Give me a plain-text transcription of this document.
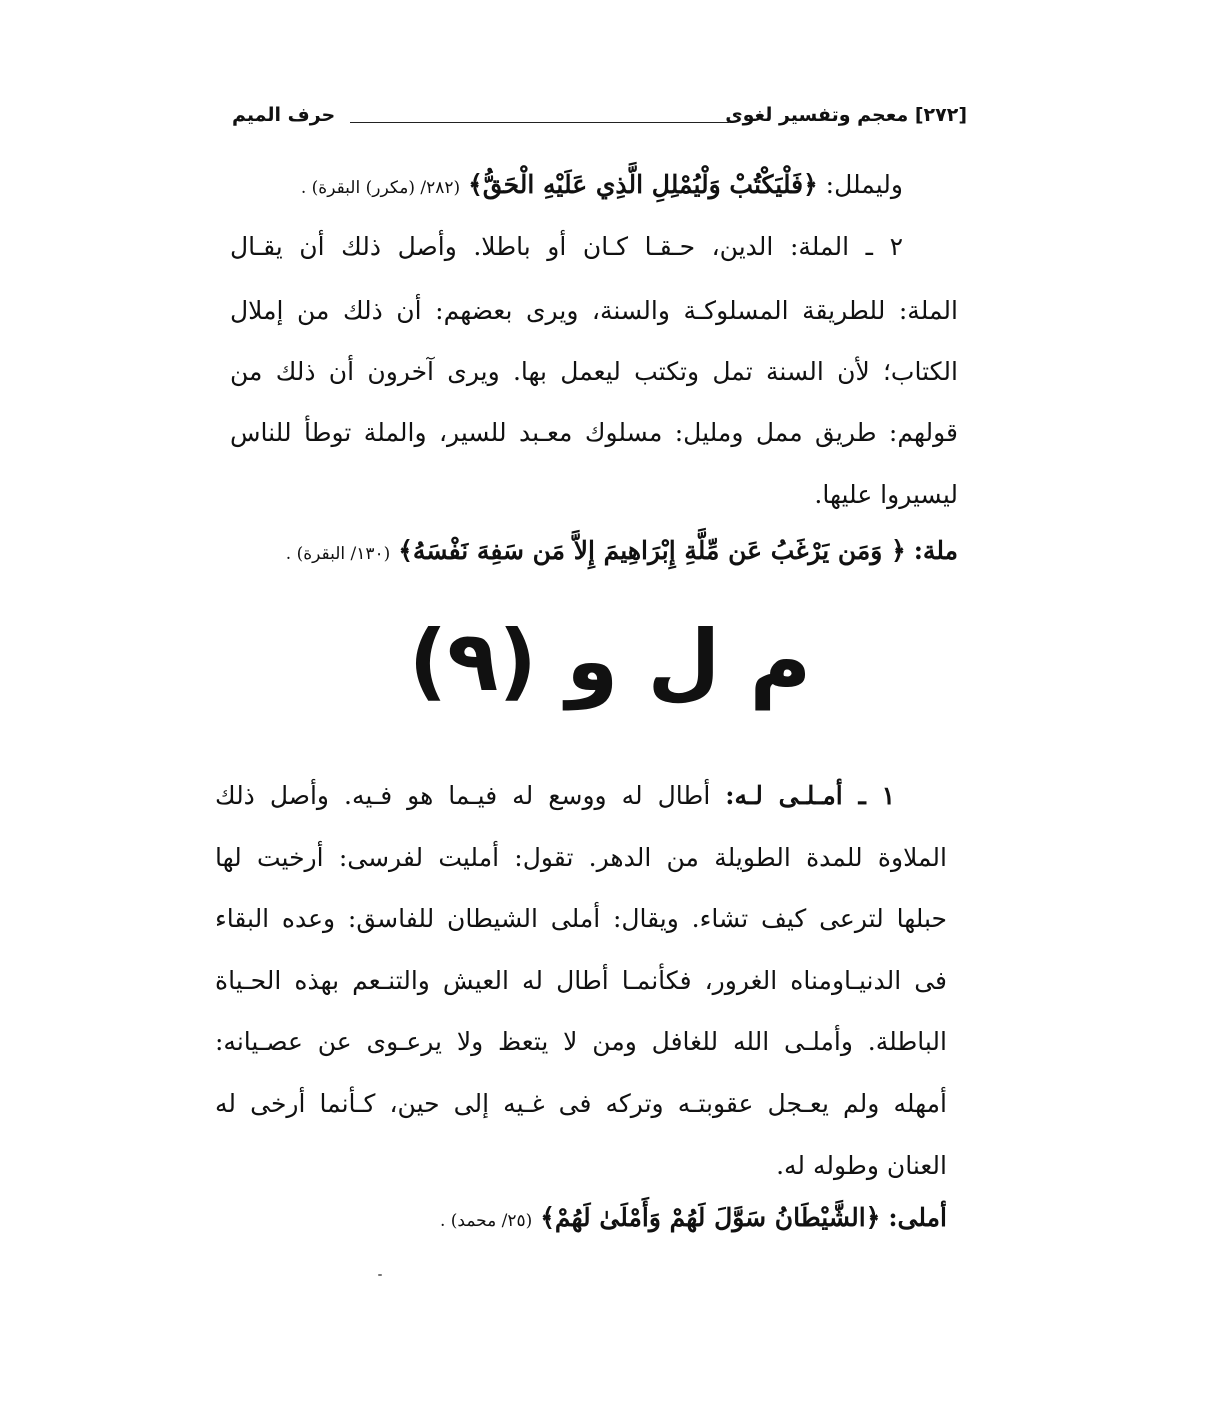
[٢٧٢] معجم وتفسير لغوى
حرف الميم
وليملل: ﴿فَلْيَكْتُبْ وَلْيُمْلِلِ الَّذِي عَلَيْهِ الْحَقُّ﴾ (٢٨٢/ (مكرر) البقرة) .
٢ ـ الملة: الدين، حـقـا كـان أو باطلا. وأصل ذلك أن يقـال
الملة: للطريقة المسلوكـة والسنة، ويرى بعضهم: أن ذلك من إملال
الكتاب؛ لأن السنة تمل وتكتب ليعمل بها. ويرى آخرون أن ذلك من
قولهم: طريق ممل ومليل: مسلوك معـبد للسير، والملة توطأ للناس
ليسيروا عليها.
ملة: ﴿ وَمَن يَرْغَبُ عَن مِّلَّةِ إِبْرَاهِيمَ إِلاَّ مَن سَفِهَ نَفْسَهُ﴾ (١٣٠/ البقرة) .
م ل و (٩)
١ ـ أمـلـى لـه: أطال له ووسع له فيـما هو فـيه. وأصل ذلك
الملاوة للمدة الطويلة من الدهر. تقول: أمليت لفرسى: أرخيت لها
حبلها لترعى كيف تشاء. ويقال: أملى الشيطان للفاسق: وعده البقاء
فى الدنيـاومناه الغرور، فكأنمـا أطال له العيش والتنـعم بهذه الحـياة
الباطلة. وأملـى الله للغافل ومن لا يتعظ ولا يرعـوى عن عصـيانه:
أمهله ولم يعـجل عقوبتـه وتركه فى غـيه إلى حين، كـأنما أرخى له
العنان وطوله له.
أملى: ﴿الشَّيْطَانُ سَوَّلَ لَهُمْ وَأَمْلَىٰ لَهُمْ﴾ (٢٥/ محمد) .
